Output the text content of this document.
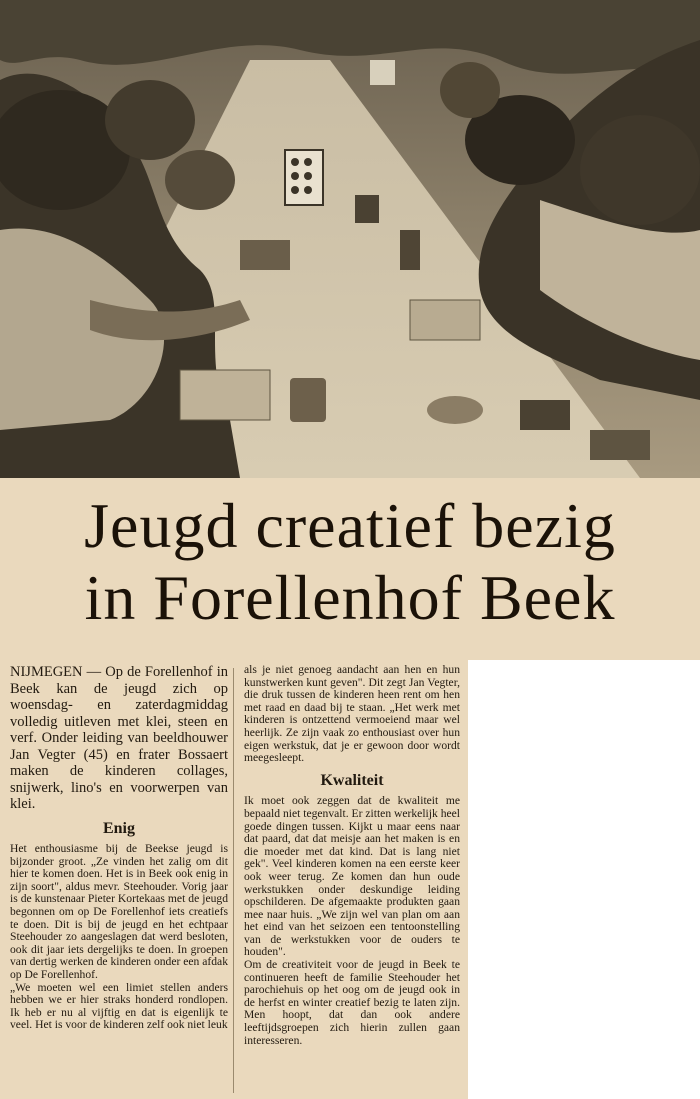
Jeugd creatief bezig
in Forellenhof Beek

NIJMEGEN — Op de Forellenhof in Beek kan de jeugd zich op woensdag- en zaterdagmiddag volledig uitleven met klei, steen en verf. Onder leiding van beeldhouwer Jan Vegter (45) en frater Bossaert maken de kinderen collages, snijwerk, lino's en voorwerpen van klei.

Enig

Het enthousiasme bij de Beekse jeugd is bijzonder groot. „Ze vinden het zalig om dit hier te komen doen. Het is in Beek ook enig in zijn soort", aldus mevr. Steehouder. Vorig jaar is de kunstenaar Pieter Kortekaas met de jeugd begonnen om op De Forellenhof iets creatiefs te doen. Dit is bij de jeugd en het echtpaar Steehouder zo aangeslagen dat werd besloten, ook dit jaar iets dergelijks te doen. In groepen van dertig werken de kinderen onder een afdak op De Forellenhof.

„We moeten wel een limiet stellen anders hebben we er hier straks honderd rondlopen. Ik heb er nu al vijftig en dat is eigenlijk te veel. Het is voor de kinderen zelf ook niet leuk

als je niet genoeg aandacht aan hen en hun kunstwerken kunt geven". Dit zegt Jan Vegter, die druk tussen de kinderen heen rent om hen met raad en daad bij te staan. „Het werk met kinderen is ontzettend vermoeiend maar wel heerlijk. Ze zijn vaak zo enthousiast over hun eigen werkstuk, dat je er gewoon door wordt meegesleept.

Kwaliteit

Ik moet ook zeggen dat de kwaliteit me bepaald niet tegenvalt. Er zitten werkelijk heel goede dingen tussen. Kijkt u maar eens naar dat paard, dat dat meisje aan het maken is en die moeder met dat kind. Dat is lang niet gek". Veel kinderen komen na een eerste keer ook weer terug. Ze komen dan hun oude werkstukken onder deskundige leiding opschilderen. De afgemaakte produkten gaan mee naar huis. „We zijn wel van plan om aan het eind van het seizoen een tentoonstelling van de werkstukken voor de ouders te houden".

Om de creativiteit voor de jeugd in Beek te continueren heeft de familie Steehouder het parochiehuis op het oog om de jeugd ook in de herfst en winter creatief bezig te laten zijn. Men hoopt, dat dan ook andere leeftijdsgroepen zich hierin zullen gaan interesseren.
